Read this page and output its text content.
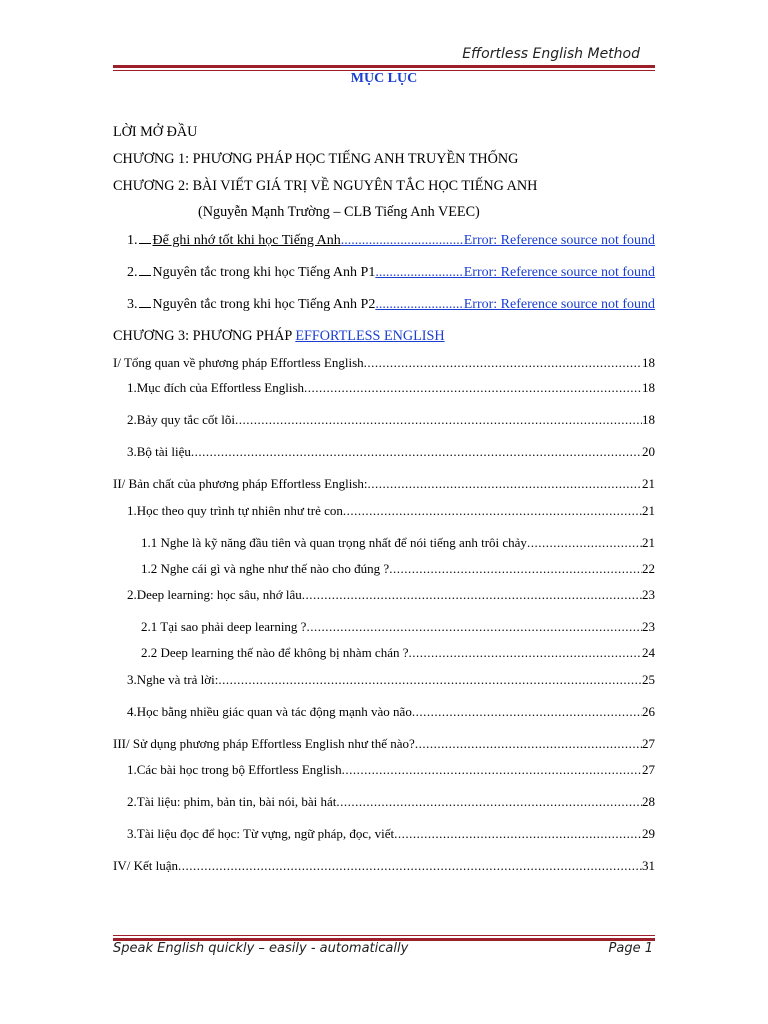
Effortless English Method
MỤC LỤC
LỜI MỞ ĐẦU
CHƯƠNG 1: PHƯƠNG PHÁP HỌC TIẾNG ANH TRUYỀN THỐNG
CHƯƠNG 2: BÀI VIẾT GIÁ TRỊ VỀ NGUYÊN TẮC HỌC TIẾNG ANH
(Nguyễn Mạnh Trường – CLB Tiếng Anh VEEC)
1. Để ghi nhớ tốt khi học Tiếng Anh .....	Error: Reference source not found
2. Nguyên tắc trong khi học Tiếng Anh P1 .....	Error: Reference source not found
3. Nguyên tắc trong khi học Tiếng Anh P2 .....	Error: Reference source not found
CHƯƠNG 3: PHƯƠNG PHÁP EFFORTLESS ENGLISH
I/ Tổng quan về phương pháp Effortless English .....	18
1.Mục đích của Effortless English .....	18
2.Bảy quy tắc cốt lõi .....	18
3.Bộ tài liệu .....	20
II/ Bản chất của phương pháp Effortless English: .....	21
1.Học theo quy trình tự nhiên như trẻ con .....	21
1.1 Nghe là kỹ năng đầu tiên và quan trọng nhất để nói tiếng anh trôi chảy .....	21
1.2 Nghe cái gì và nghe như thế nào cho đúng ? .....	22
2.Deep learning: học sâu, nhớ lâu .....	23
2.1 Tại sao phải deep learning ? .....	23
2.2 Deep learning thế nào để không bị nhàm chán ? .....	24
3.Nghe và trả lời: .....	25
4.Học bằng nhiều giác quan và tác động mạnh vào não .....	26
III/ Sử dụng phương pháp Effortless English như thế nào? .....	27
1.Các bài học trong bộ Effortless English .....	27
2.Tài liệu: phim, bản tin, bài nói, bài hát .....	28
3.Tài liệu đọc để học: Từ vựng, ngữ pháp, đọc, viết .....	29
IV/ Kết luận .....	31
Speak English quickly – easily - automatically	Page 1
